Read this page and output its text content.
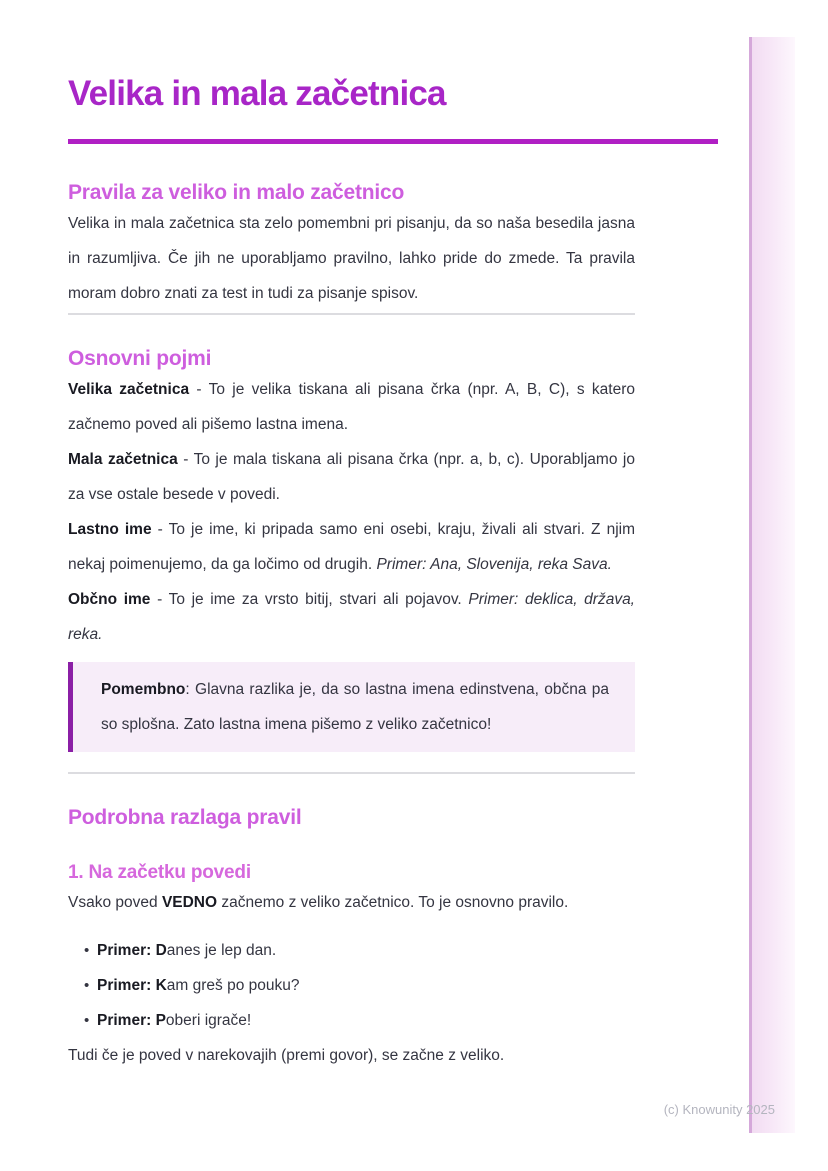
Velika in mala začetnica
Pravila za veliko in malo začetnico

Velika in mala začetnica sta zelo pomembni pri pisanju, da so naša besedila jasna in razumljiva. Če jih ne uporabljamo pravilno, lahko pride do zmede. Ta pravila moram dobro znati za test in tudi za pisanje spisov.

Osnovni pojmi

Velika začetnica - To je velika tiskana ali pisana črka (npr. A, B, C), s katero začnemo poved ali pišemo lastna imena.

Mala začetnica - To je mala tiskana ali pisana črka (npr. a, b, c). Uporabljamo jo za vse ostale besede v povedi.

Lastno ime - To je ime, ki pripada samo eni osebi, kraju, živali ali stvari. Z njim nekaj poimenujemo, da ga ločimo od drugih. Primer: Ana, Slovenija, reka Sava.

Občno ime - To je ime za vrsto bitij, stvari ali pojavov. Primer: deklica, država, reka.

Pomembno: Glavna razlika je, da so lastna imena edinstvena, občna pa so splošna. Zato lastna imena pišemo z veliko začetnico!

Podrobna razlaga pravil
1. Na začetku povedi

Vsako poved VEDNO začnemo z veliko začetnico. To je osnovno pravilo.

• Primer: Danes je lep dan.
• Primer: Kam greš po pouku?
• Primer: Poberi igrače!

Tudi če je poved v narekovajih (premi govor), se začne z veliko.

(c) Knowunity 2025
